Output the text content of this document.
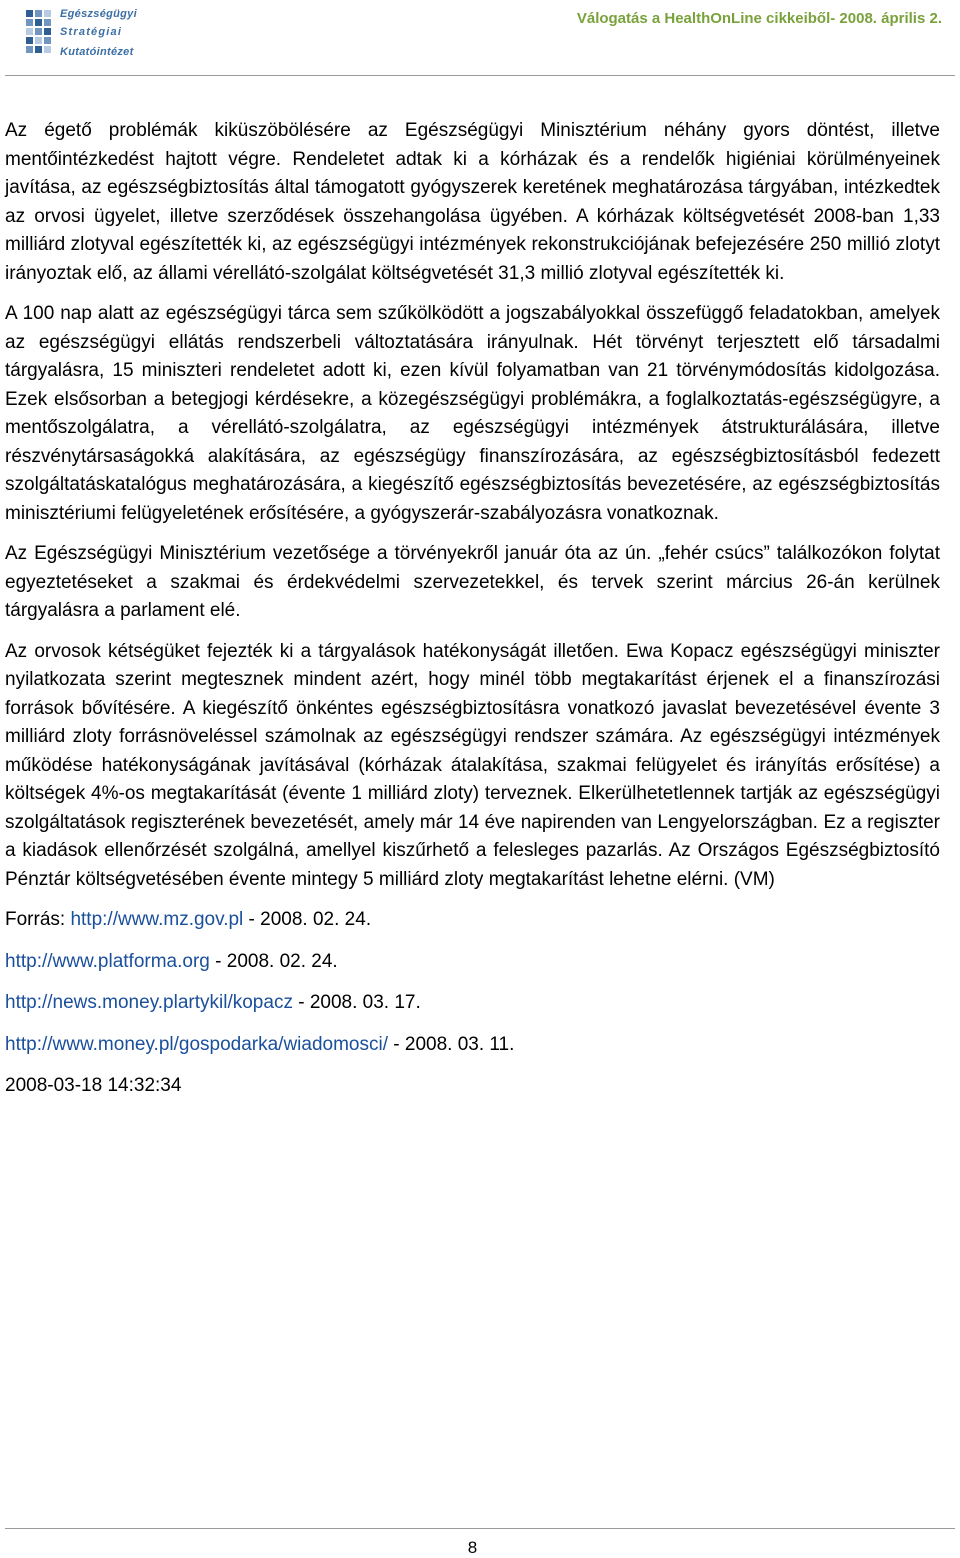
Egészségügyi
Stratégiai
Kutatóintézet
Válogatás a HealthOnLine cikkeiből- 2008. április 2.

Az égető problémák kiküszöbölésére az Egészségügyi Minisztérium néhány gyors döntést, illetve mentőintézkedést hajtott végre. Rendeletet adtak ki a kórházak és a rendelők higiéniai körülményeinek javítása, az egészségbiztosítás által támogatott gyógyszerek keretének meghatározása tárgyában, intézkedtek az orvosi ügyelet, illetve szerződések összehangolása ügyében. A kórházak költségvetését 2008-ban 1,33 milliárd zlotyval egészítették ki, az egészségügyi intézmények rekonstrukciójának befejezésére 250 millió zlotyt irányoztak elő, az állami vérellátó-szolgálat költségvetését 31,3 millió zlotyval egészítették ki.

A 100 nap alatt az egészségügyi tárca sem szűkölködött a jogszabályokkal összefüggő feladatokban, amelyek az egészségügyi ellátás rendszerbeli változtatására irányulnak. Hét törvényt terjesztett elő társadalmi tárgyalásra, 15 miniszteri rendeletet adott ki, ezen kívül folyamatban van 21 törvénymódosítás kidolgozása. Ezek elsősorban a betegjogi kérdésekre, a közegészségügyi problémákra, a foglalkoztatás-egészségügyre, a mentőszolgálatra, a vérellátó-szolgálatra, az egészségügyi intézmények átstrukturálására, illetve részvénytársaságokká alakítására, az egészségügy finanszírozására, az egészségbiztosításból fedezett szolgáltatáskatalógus meghatározására, a kiegészítő egészségbiztosítás bevezetésére, az egészségbiztosítás minisztériumi felügyeletének erősítésére, a gyógyszerár-szabályozásra vonatkoznak.

Az Egészségügyi Minisztérium vezetősége a törvényekről január óta az ún. „fehér csúcs” találkozókon folytat egyeztetéseket a szakmai és érdekvédelmi szervezetekkel, és tervek szerint március 26-án kerülnek tárgyalásra a parlament elé.

Az orvosok kétségüket fejezték ki a tárgyalások hatékonyságát illetően. Ewa Kopacz egészségügyi miniszter nyilatkozata szerint megtesznek mindent azért, hogy minél több megtakarítást érjenek el a finanszírozási források bővítésére. A kiegészítő önkéntes egészségbiztosításra vonatkozó javaslat bevezetésével évente 3 milliárd zloty forrásnöveléssel számolnak az egészségügyi rendszer számára. Az egészségügyi intézmények működése hatékonyságának javításával (kórházak átalakítása, szakmai felügyelet és irányítás erősítése) a költségek 4%-os megtakarítását (évente 1 milliárd zloty) terveznek. Elkerülhetetlennek tartják az egészségügyi szolgáltatások regiszterének bevezetését, amely már 14 éve napirenden van Lengyelországban. Ez a regiszter a kiadások ellenőrzését szolgálná, amellyel kiszűrhető a felesleges pazarlás. Az Országos Egészségbiztosító Pénztár költségvetésében évente mintegy 5 milliárd zloty megtakarítást lehetne elérni. (VM)

Forrás: http://www.mz.gov.pl - 2008. 02. 24.
http://www.platforma.org - 2008. 02. 24.
http://news.money.plartykil/kopacz - 2008. 03. 17.
http://www.money.pl/gospodarka/wiadomosci/ - 2008. 03. 11.
2008-03-18 14:32:34
8
